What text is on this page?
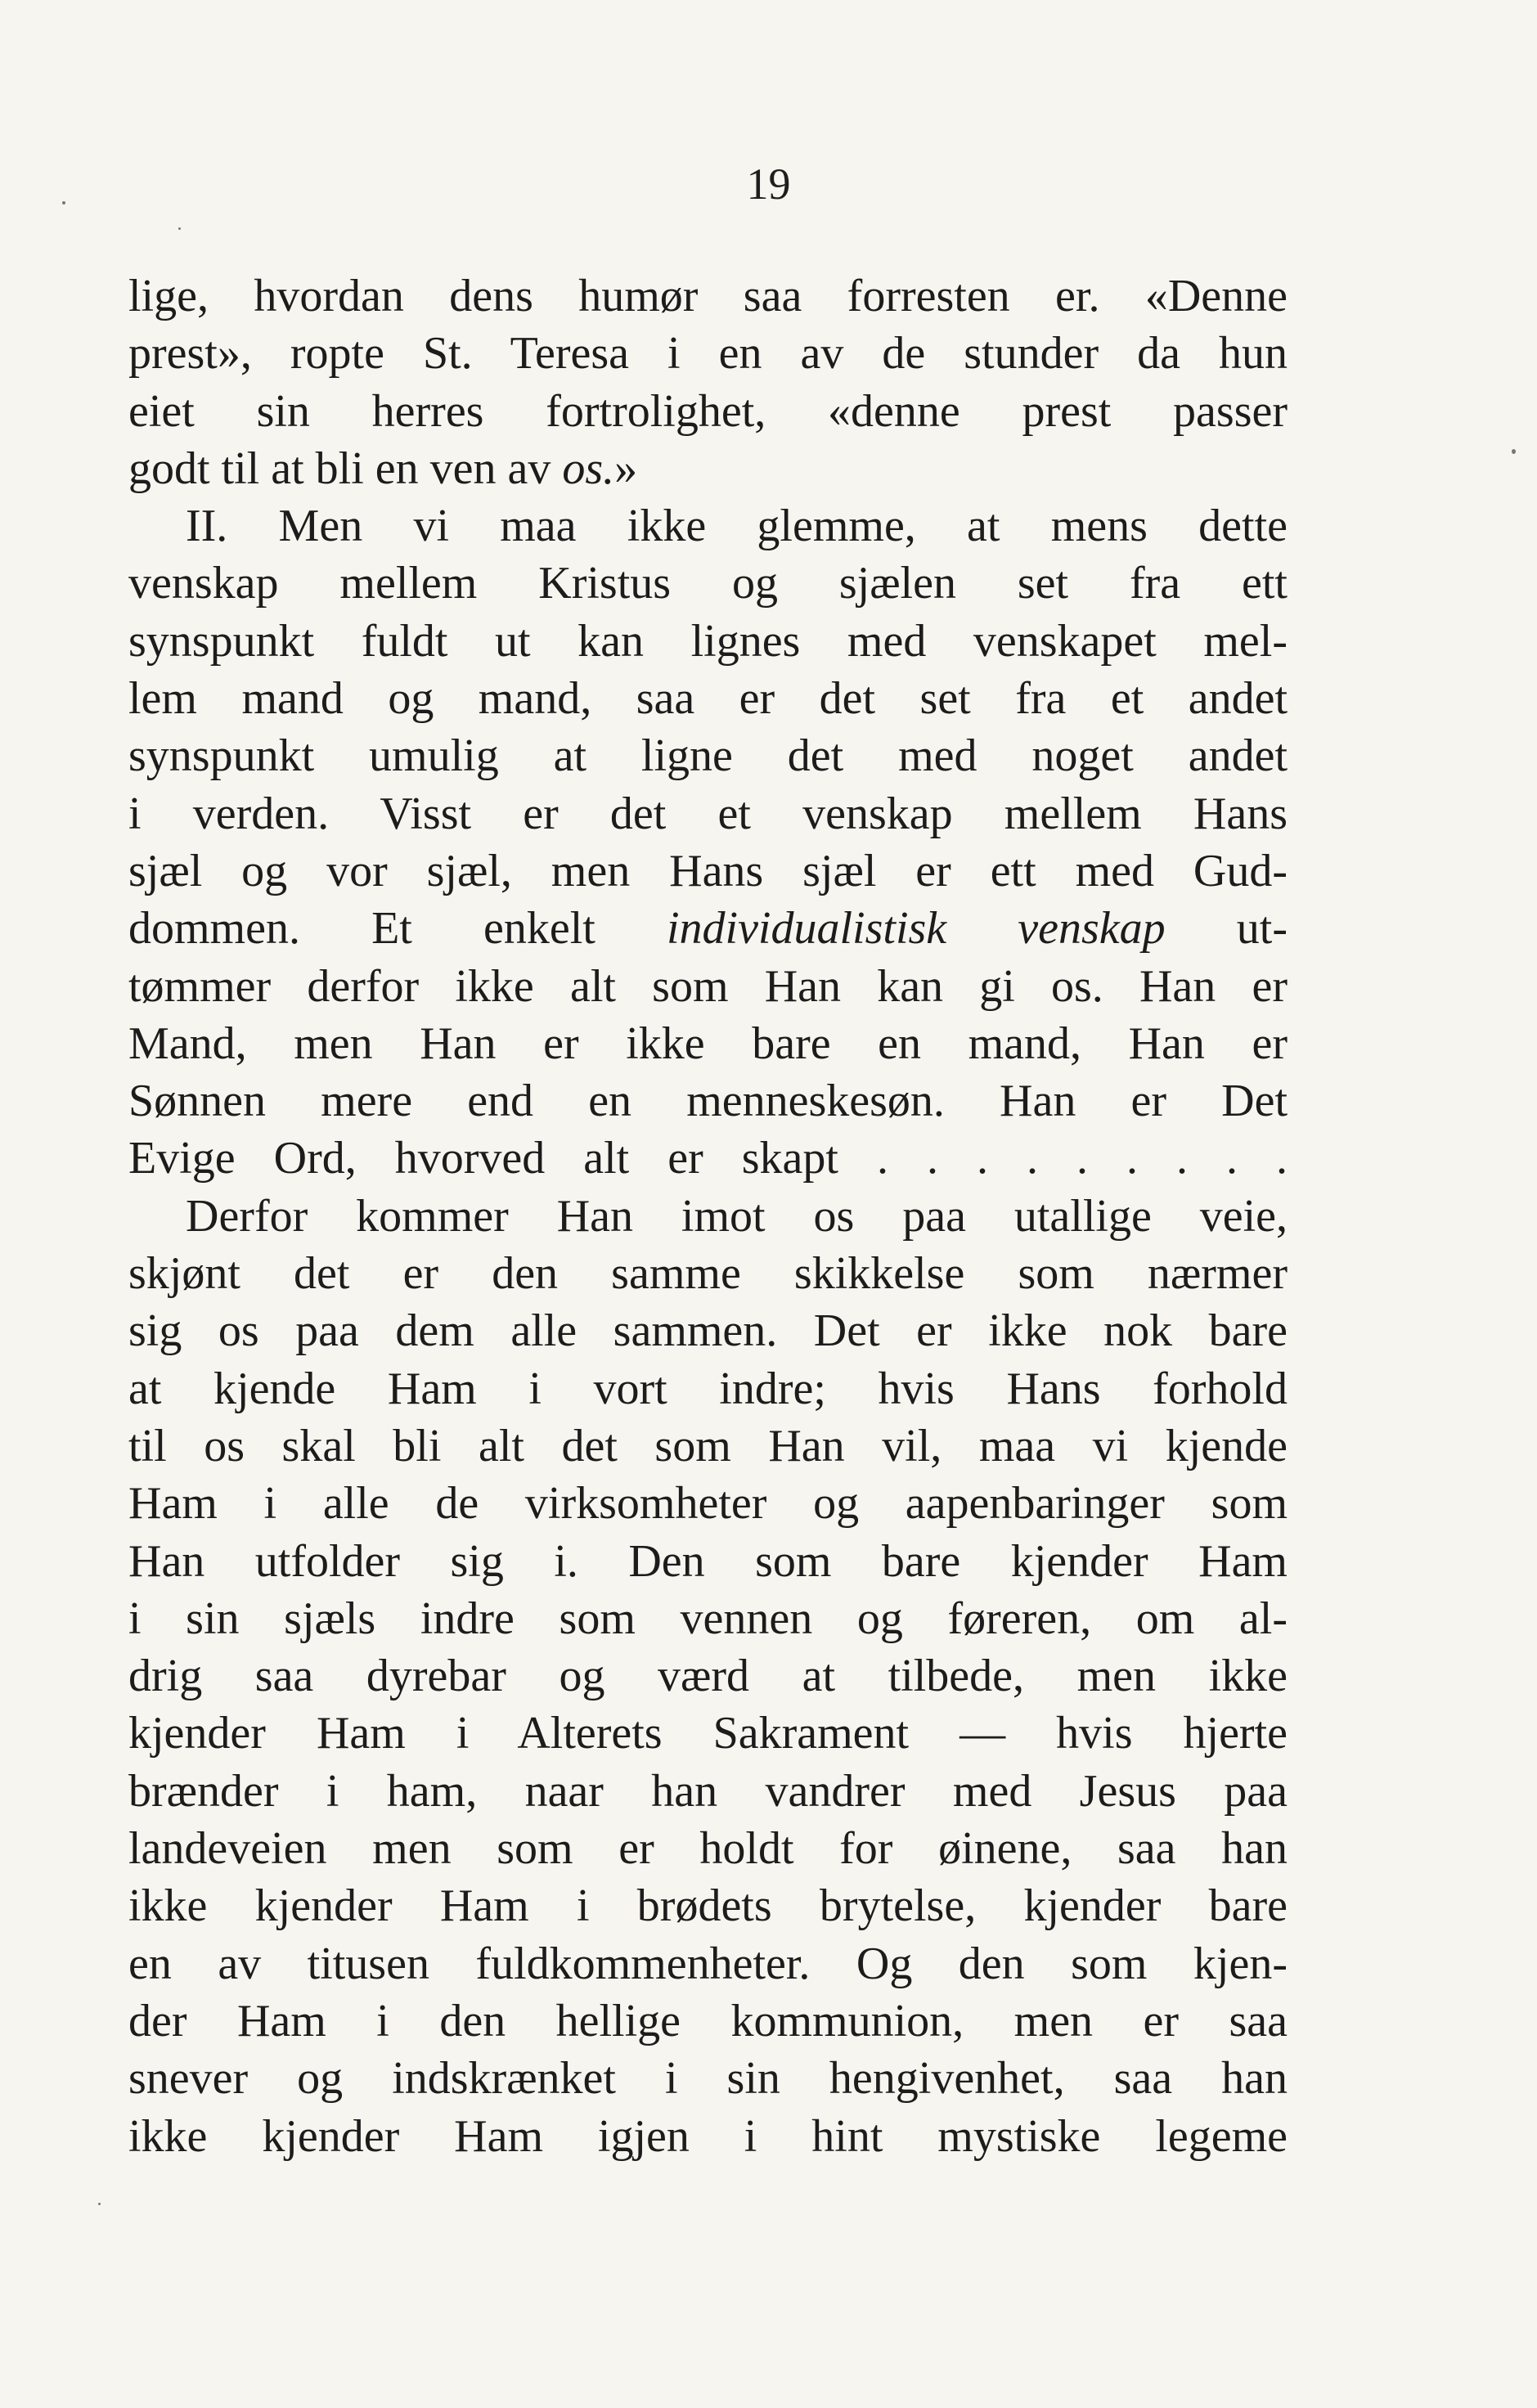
19
lige, hvordan dens humør saa forresten er. «Denne
prest», ropte St. Teresa i en av de stunder da hun
eiet sin herres fortrolighet, «denne prest passer
godt til at bli en ven av os.»
II. Men vi maa ikke glemme, at mens dette
venskap mellem Kristus og sjælen set fra ett
synspunkt fuldt ut kan lignes med venskapet mel-
lem mand og mand, saa er det set fra et andet
synspunkt umulig at ligne det med noget andet
i verden. Visst er det et venskap mellem Hans
sjæl og vor sjæl, men Hans sjæl er ett med Gud-
dommen. Et enkelt individualistisk venskap ut-
tømmer derfor ikke alt som Han kan gi os. Han er
Mand, men Han er ikke bare en mand, Han er
Sønnen mere end en menneskesøn. Han er Det
Evige Ord, hvorved alt er skapt . . . . . . . . .
Derfor kommer Han imot os paa utallige veie,
skjønt det er den samme skikkelse som nærmer
sig os paa dem alle sammen. Det er ikke nok bare
at kjende Ham i vort indre; hvis Hans forhold
til os skal bli alt det som Han vil, maa vi kjende
Ham i alle de virksomheter og aapenbaringer som
Han utfolder sig i. Den som bare kjender Ham
i sin sjæls indre som vennen og føreren, om al-
drig saa dyrebar og værd at tilbede, men ikke
kjender Ham i Alterets Sakrament — hvis hjerte
brænder i ham, naar han vandrer med Jesus paa
landeveien men som er holdt for øinene, saa han
ikke kjender Ham i brødets brytelse, kjender bare
en av titusen fuldkommenheter. Og den som kjen-
der Ham i den hellige kommunion, men er saa
snever og indskrænket i sin hengivenhet, saa han
ikke kjender Ham igjen i hint mystiske legeme
